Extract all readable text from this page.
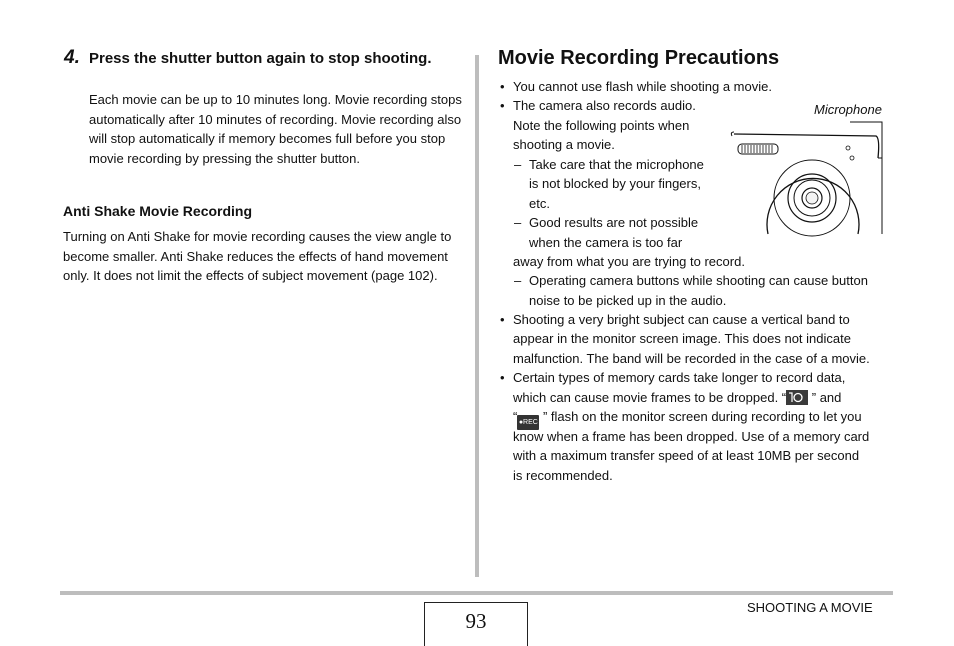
4. Press the shutter button again to stop shooting.
Each movie can be up to 10 minutes long. Movie recording stops automatically after 10 minutes of recording. Movie recording also will stop automatically if memory becomes full before you stop movie recording by pressing the shutter button.
Anti Shake Movie Recording
Turning on Anti Shake for movie recording causes the view angle to become smaller. Anti Shake reduces the effects of hand movement only. It does not limit the effects of subject movement (page 102).
Movie Recording Precautions
• You cannot use flash while shooting a movie.
• The camera also records audio.
Note the following points when
shooting a movie.
– Take care that the microphone
is not blocked by your fingers,
etc.
– Good results are not possible
when the camera is too far
away from what you are trying to record.
– Operating camera buttons while shooting can cause button
noise to be picked up in the audio.
• Shooting a very bright subject can cause a vertical band to
appear in the monitor screen image. This does not indicate
malfunction. The band will be recorded in the case of a movie.
• Certain types of memory cards take longer to record data,
which can cause movie frames to be dropped. “ ” and
“●REC ” flash on the monitor screen during recording to let you
know when a frame has been dropped. Use of a memory card
with a maximum transfer speed of at least 10MB per second
is recommended.
Microphone
93
SHOOTING A MOVIE
